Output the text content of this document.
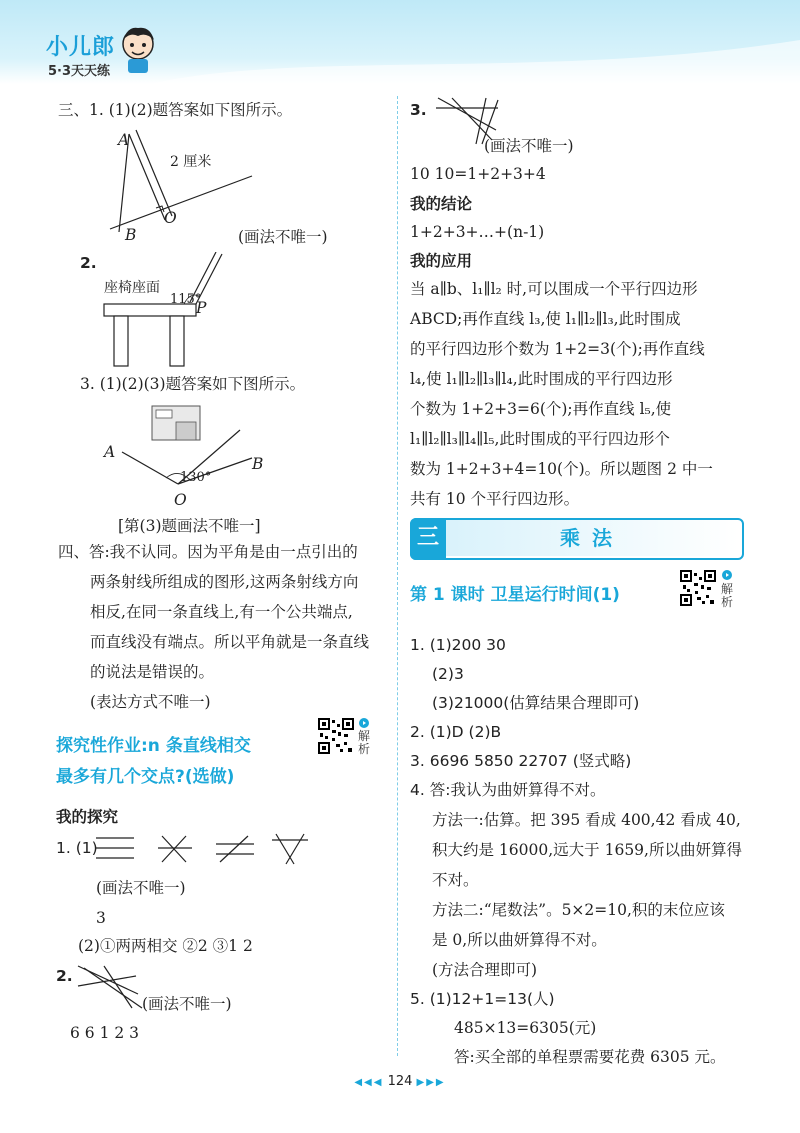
小儿郎
5·3天天练
三、1. (1)(2)题答案如下图所示。
A
B
O
2 厘米
(画法不唯一)
2.
座椅座面
115°
P
3. (1)(2)(3)题答案如下图所示。
A
B
O
130°
[第(3)题画法不唯一]
四、答:我不认同。因为平角是由一点引出的
两条射线所组成的图形,这两条射线方向
相反,在同一条直线上,有一个公共端点,
而直线没有端点。所以平角就是一条直线
的说法是错误的。
(表达方式不唯一)
探究性作业:n 条直线相交
最多有几个交点?(选做)
解析
我的探究
1. (1)
(画法不唯一)
3
(2)①两两相交 ②2 ③1 2
2.
(画法不唯一)
6 6 1 2 3
3.
(画法不唯一)
10 10=1+2+3+4
我的结论
1+2+3+…+(n-1)
我的应用
当 a∥b、l₁∥l₂ 时,可以围成一个平行四边形
ABCD;再作直线 l₃,使 l₁∥l₂∥l₃,此时围成
的平行四边形个数为 1+2=3(个);再作直线
l₄,使 l₁∥l₂∥l₃∥l₄,此时围成的平行四边形
个数为 1+2+3=6(个);再作直线 l₅,使
l₁∥l₂∥l₃∥l₄∥l₅,此时围成的平行四边形个
数为 1+2+3+4=10(个)。所以题图 2 中一
共有 10 个平行四边形。
乘法
三
第 1 课时 卫星运行时间(1)	解析
1. (1)200 30
(2)3
(3)21000(估算结果合理即可)
2. (1)D (2)B
3. 6696 5850 22707 (竖式略)
4. 答:我认为曲妍算得不对。
方法一:估算。把 395 看成 400,42 看成 40,
积大约是 16000,远大于 1659,所以曲妍算得
不对。
方法二:“尾数法”。5×2=10,积的末位应该
是 0,所以曲妍算得不对。
(方法合理即可)
5. (1)12+1=13(人)
485×13=6305(元)
答:买全部的单程票需要花费 6305 元。
◀◀◀ 124 ▶▶▶
